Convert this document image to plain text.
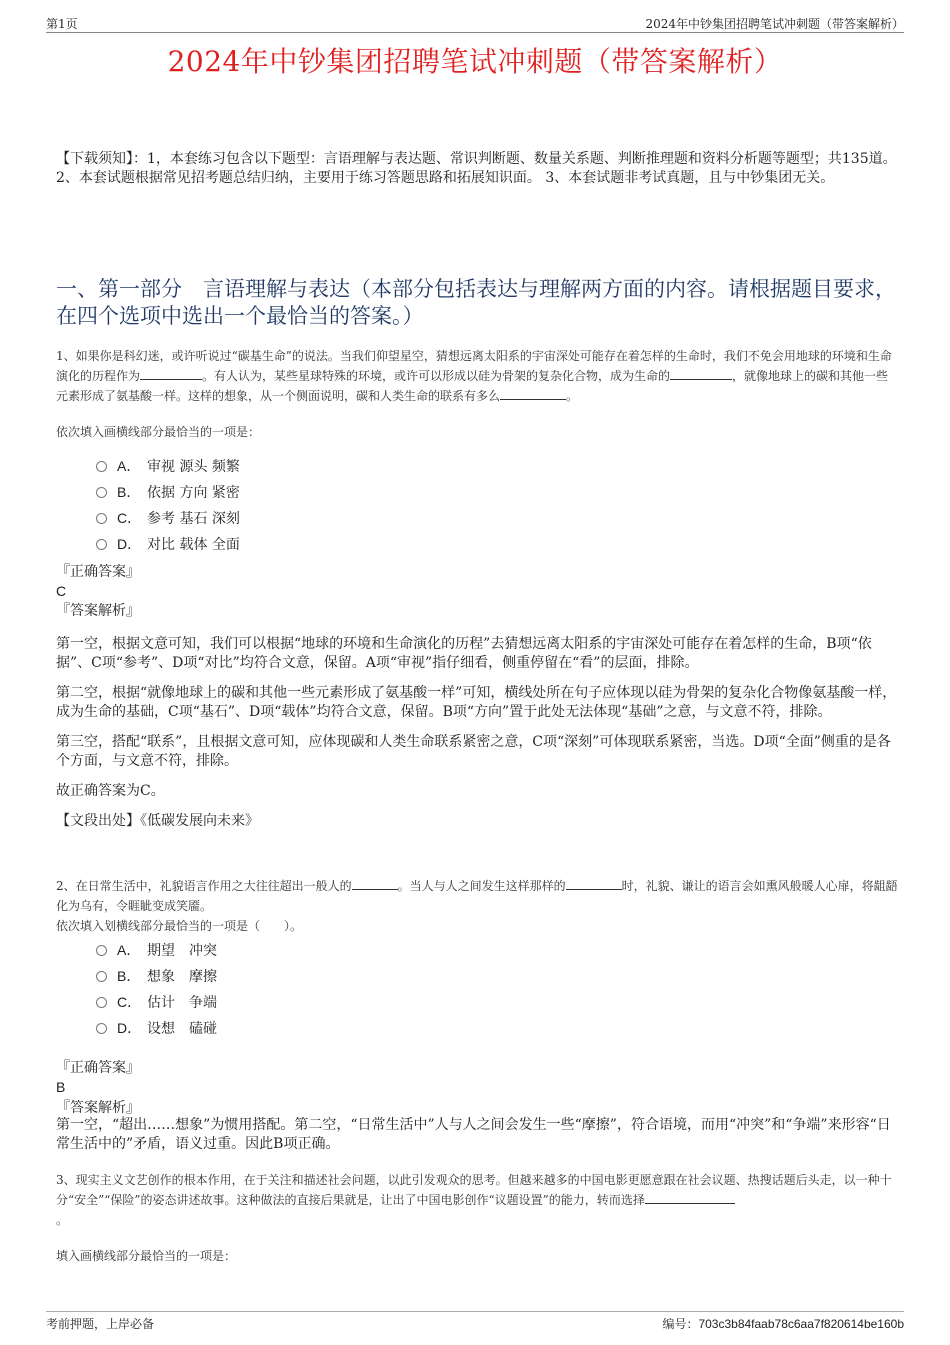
第1页	2024年中钞集团招聘笔试冲刺题（带答案解析）
2024年中钞集团招聘笔试冲刺题（带答案解析）
【下载须知】：1，本套练习包含以下题型：言语理解与表达题、常识判断题、数量关系题、判断推理题和资料分析题等题型；共135道。 2、本套试题根据常见招考题总结归纳，主要用于练习答题思路和拓展知识面。 3、本套试题非考试真题，且与中钞集团无关。
一、第一部分　言语理解与表达（本部分包括表达与理解两方面的内容。请根据题目要求，在四个选项中选出一个最恰当的答案。）
1、如果你是科幻迷，或许听说过“碳基生命”的说法。当我们仰望星空，猜想远离太阳系的宇宙深处可能存在着怎样的生命时，我们不免会用地球的环境和生命演化的历程作为	。有人认为，某些星球特殊的环境，或许可以形成以硅为骨架的复杂化合物，成为生命的	，就像地球上的碳和其他一些元素形成了氨基酸一样。这样的想象，从一个侧面说明，碳和人类生命的联系有多么	。
依次填入画横线部分最恰当的一项是：
A． 审视 源头 频繁
B． 依据 方向 紧密
C． 参考 基石 深刻
D． 对比 载体 全面
『正确答案』
C
『答案解析』

第一空，根据文意可知，我们可以根据“地球的环境和生命演化的历程”去猜想远离太阳系的宇宙深处可能存在着怎样的生命，B项“依据”、C项“参考”、D项“对比”均符合文意，保留。A项“审视”指仔细看，侧重停留在“看”的层面，排除。

第二空，根据“就像地球上的碳和其他一些元素形成了氨基酸一样”可知，横线处所在句子应体现以硅为骨架的复杂化合物像氨基酸一样，成为生命的基础，C项“基石”、D项“载体”均符合文意，保留。B项“方向”置于此处无法体现“基础”之意，与文意不符，排除。

第三空，搭配“联系”，且根据文意可知，应体现碳和人类生命联系紧密之意，C项“深刻”可体现联系紧密，当选。D项“全面”侧重的是各个方面，与文意不符，排除。

故正确答案为C。

【文段出处】《低碳发展向未来》

2、在日常生活中，礼貌语言作用之大往往超出一般人的	。当人与人之间发生这样那样的	时，礼貌、谦让的语言会如熏风般暖人心扉，将龃龉化为乌有，令睚眦变成笑靥。
依次填入划横线部分最恰当的一项是（　　）。
A． 期望　冲突
B． 想象　摩擦
C． 估计　争端
D． 设想　磕碰
『正确答案』
B
『答案解析』
第一空，“超出……想象”为惯用搭配。第二空，“日常生活中”人与人之间会发生一些“摩擦”，符合语境，而用“冲突”和“争端”来形容“日常生活中的”矛盾，语义过重。因此B项正确。
3、现实主义文艺创作的根本作用，在于关注和描述社会问题，以此引发观众的思考。但越来越多的中国电影更愿意跟在社会议题、热搜话题后头走，以一种十分“安全”“保险”的姿态讲述故事。这种做法的直接后果就是，让出了中国电影创作“议题设置”的能力，转而选择
。
填入画横线部分最恰当的一项是：
考前押题，上岸必备	编号：703c3b84faab78c6aa7f820614be160b
